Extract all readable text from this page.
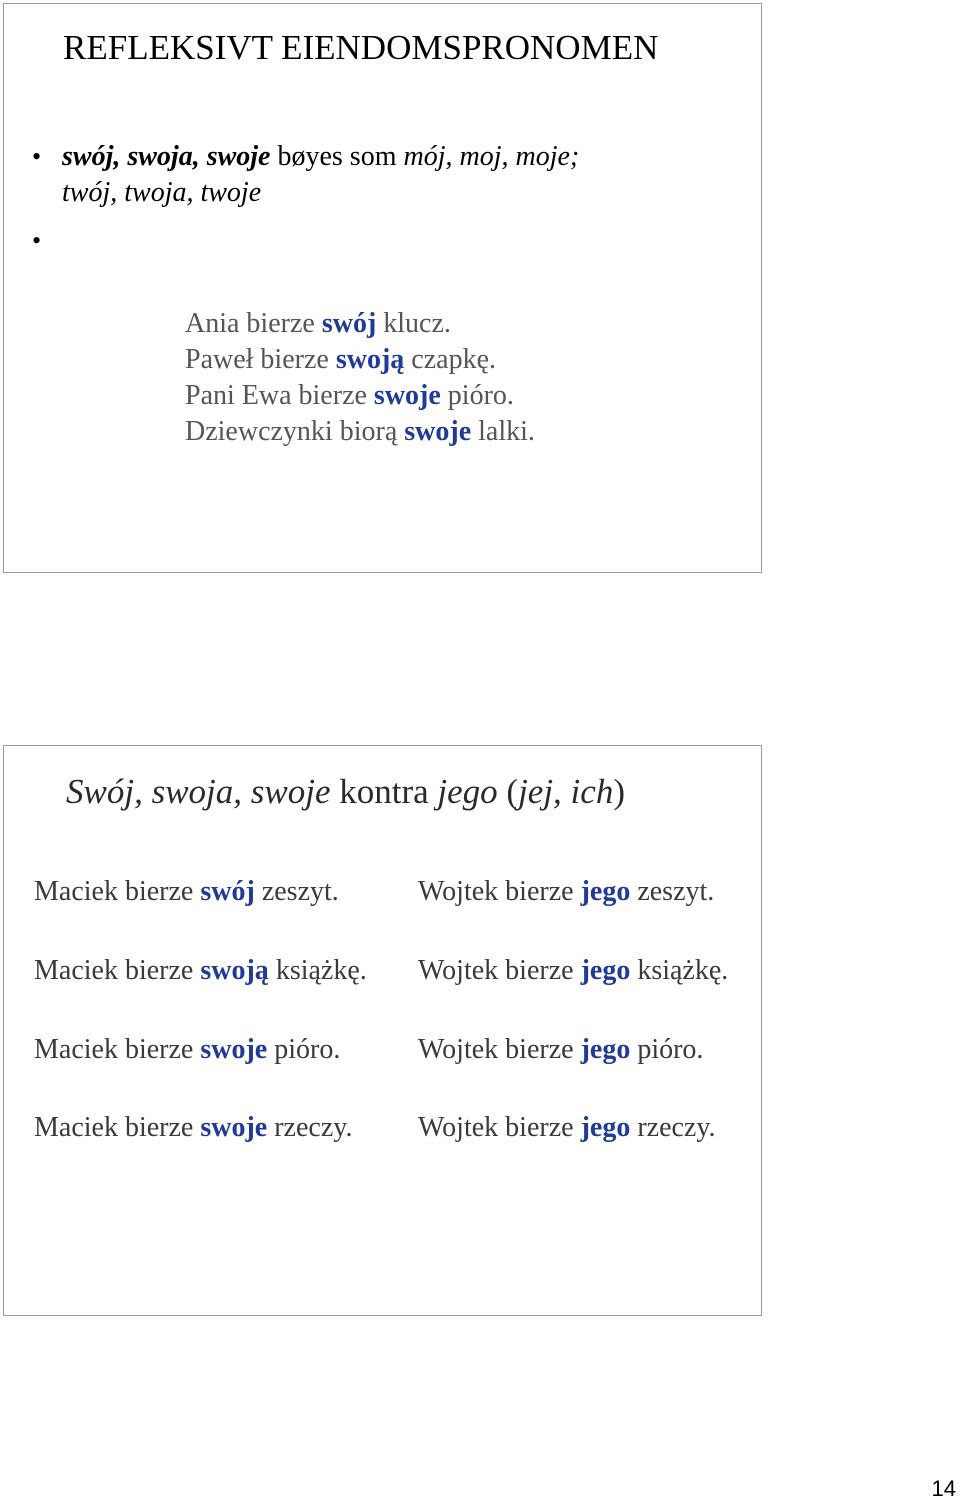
REFLEKSIVT EIENDOMSPRONOMEN
•
•
swój, swoja, swoje bøyes som mój, moj, moje;
twój, twoja, twoje
Ania bierze swój klucz.
Paweł bierze swoją czapkę.
Pani Ewa bierze swoje pióro.
Dziewczynki biorą swoje lalki.
Swój, swoja, swoje kontra jego (jej, ich)
Maciek bierze swój zeszyt.	Wojtek bierze jego zeszyt.
Maciek bierze swoją książkę. Wojtek bierze jego książkę.
Maciek bierze swoje pióro.	Wojtek bierze jego pióro.
Maciek bierze swoje rzeczy. Wojtek bierze jego rzeczy.
14
